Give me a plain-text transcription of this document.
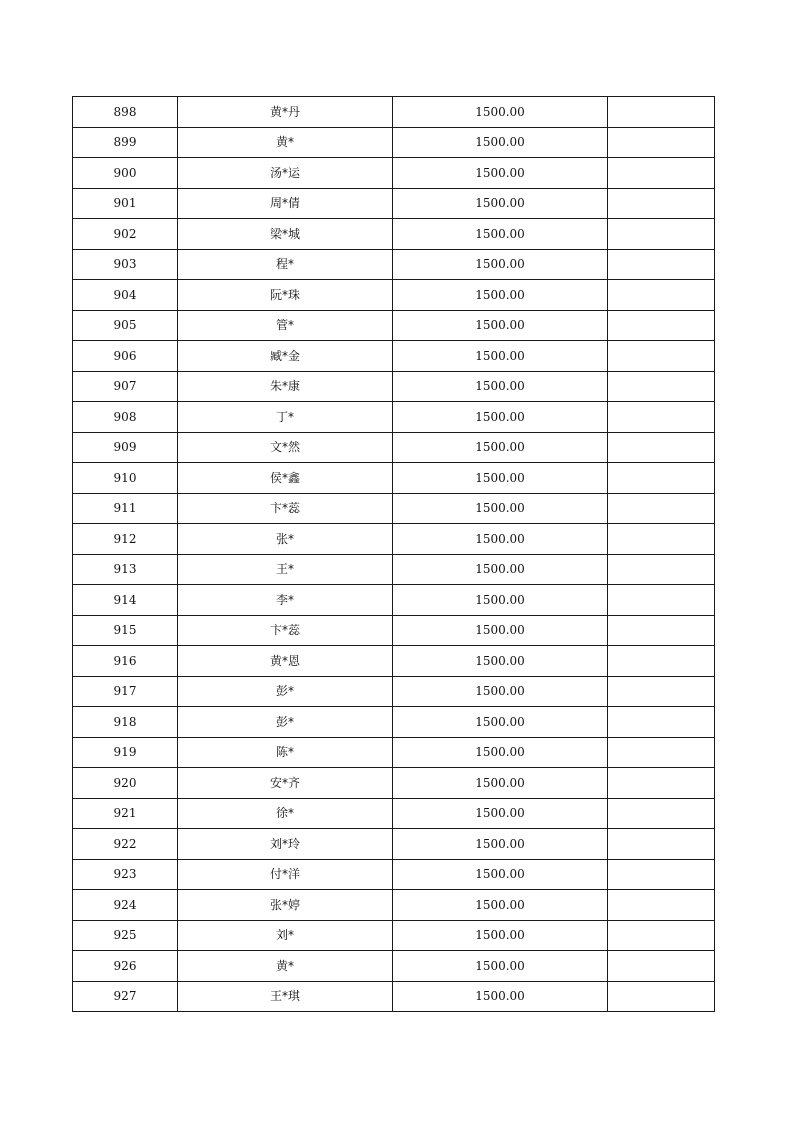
898	黄*丹	1500.00	
899	黄*	1500.00	
900	汤*运	1500.00	
901	周*倩	1500.00	
902	梁*城	1500.00	
903	程*	1500.00	
904	阮*珠	1500.00	
905	管*	1500.00	
906	臧*金	1500.00	
907	朱*康	1500.00	
908	丁*	1500.00	
909	文*然	1500.00	
910	侯*鑫	1500.00	
911	卞*蕊	1500.00	
912	张*	1500.00	
913	王*	1500.00	
914	李*	1500.00	
915	卞*蕊	1500.00	
916	黄*恩	1500.00	
917	彭*	1500.00	
918	彭*	1500.00	
919	陈*	1500.00	
920	安*齐	1500.00	
921	徐*	1500.00	
922	刘*玲	1500.00	
923	付*洋	1500.00	
924	张*婷	1500.00	
925	刘*	1500.00	
926	黄*	1500.00	
927	王*琪	1500.00	
